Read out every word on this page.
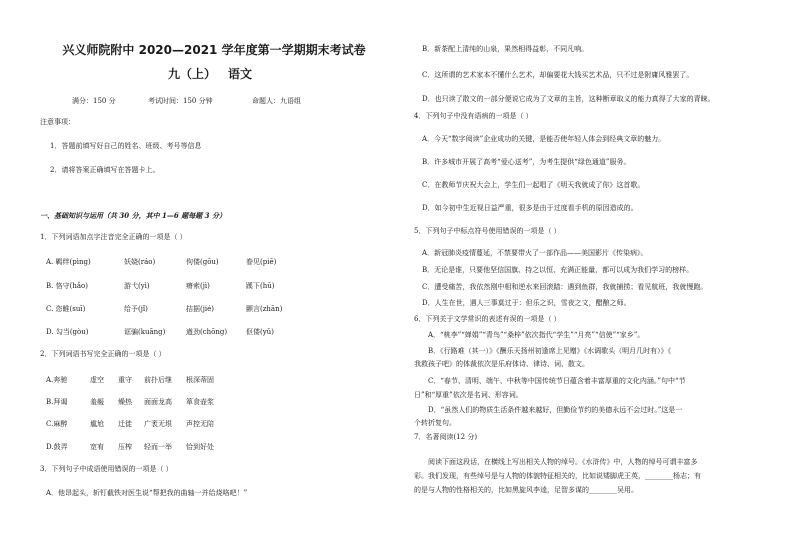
兴义师院附中 2020—2021 学年度第一学期期末考试卷
九（上） 语文
满分：150 分	考试时间：150 分钟	命题人：九语组
注意事项：
1．答题前填写好自己的姓名、班级、考号等信息
2．请将答案正确填写在答题卡上。
一、基础知识与运用（共 30 分，其中 1—6 题每题 3 分）
1．下列词语加点字注音完全正确的一项是（ ）
A. 羁绊(pìng)	妖娆(ráo)	佝偻(gōu)	眷见(piē)
B. 恪守(hǎo)	游弋(yì)	瘠索(jì)	蹊下(hū)
C. 恣睢(suī)	给予(jǐ)	拮据(jié)	颤言(zhān)
D. 勾当(gòu)	诓骗(kuāng)	遒劲(chōng)	伛偻(yǔ)
2．下列词语书写完全正确的一项是（ ）
A.奔驰	虚空 重守 前扑后继 根深蒂固
B.拜谒	羞赧 燥热 面面龙高 箪食壶浆
C.麻醉	尴尬 迁徙 广袤无垠 声控无陪
D.鼓弄	宽宥 压榨 轻而一举 恰到好处
3．下列句子中成语使用错误的一项是（ ）
A．他昂起头，斩钉截铁对医生说“帮把我的曲轴一并给烧咯吧！”
B．新茶配上清纯的山泉，果然相得益彰，不同凡响。
C．这所谓的艺术家本不懂什么艺术，却偏要花大钱买艺术品，只不过是附庸风雅罢了。
D．也只读了散文的一部分便说它成为了文章的主旨，这种断章取义的能力真得了大家的青睐。
4．下列句子中没有语病的一项是（ ）
A．今天“数字阅读”企业成功的关键，是能否使年轻人体会到经典文章的魅力。
B．许多城市开展了高考“爱心送考”，为考生提供“绿色通道”服务。
C．在教师节庆祝大会上，学生们一起唱了《明天我就成了你》这首歌。
D．如今初中生近视日益严重，很多是由于过度看手机的原因造成的。
5．下列句子中标点符号使用错误的一项是（ ）
A．新冠肺炎疫情蔓延，不禁要带火了一部作品——美国影片《传染病》。
B．无论是谁，只要他坚信国旗、持之以恒、充满正能量，都可以成为我们学习的榜样。
C．遭受痛苦，我依然刚中相和逆水来回滚踏：遇到鱼群，我就捕捞；看见航班，我就慢跑。
D．人生在世，遇人三事莫过于：但乐之识，雪夜之文，醋酿之师。
6．下列关于文学常识的表述有误的一项是（ ）
A．“桃李”“婵娟”“青鸟”“桑梓”依次指代“学生”“月亮”“信使”“家乡”。
B．《行路难（其一）》《酬乐天扬州初逢席上见赠》《水调歌头（明月几时有）》《
我救孩子吧》的体裁依次是乐府体诗、律诗、词、散文。
C．“春节、清明、端午、中秋等中国传统节日蕴含着丰富厚重的文化内涵。”句中“节
日”和“厚重”依次是名词、形容词。
D．“虽然人们的物质生活条件越来越好，但勤俭节约的美德永远不会过时。”这是一
个转折复句。
7．名著阅读(12 分)
阅读下面这段话，在横线上写出相关人物的绰号。《水浒传》中，人物的绰号可谓丰富多
彩。我们发现，有些绰号是与人物的体貌特征相关的，比如说矮脚虎王英，________杨志；有
的是与人物的性格相关的，比如黑旋风李逵，足智多谋的________吴用。
